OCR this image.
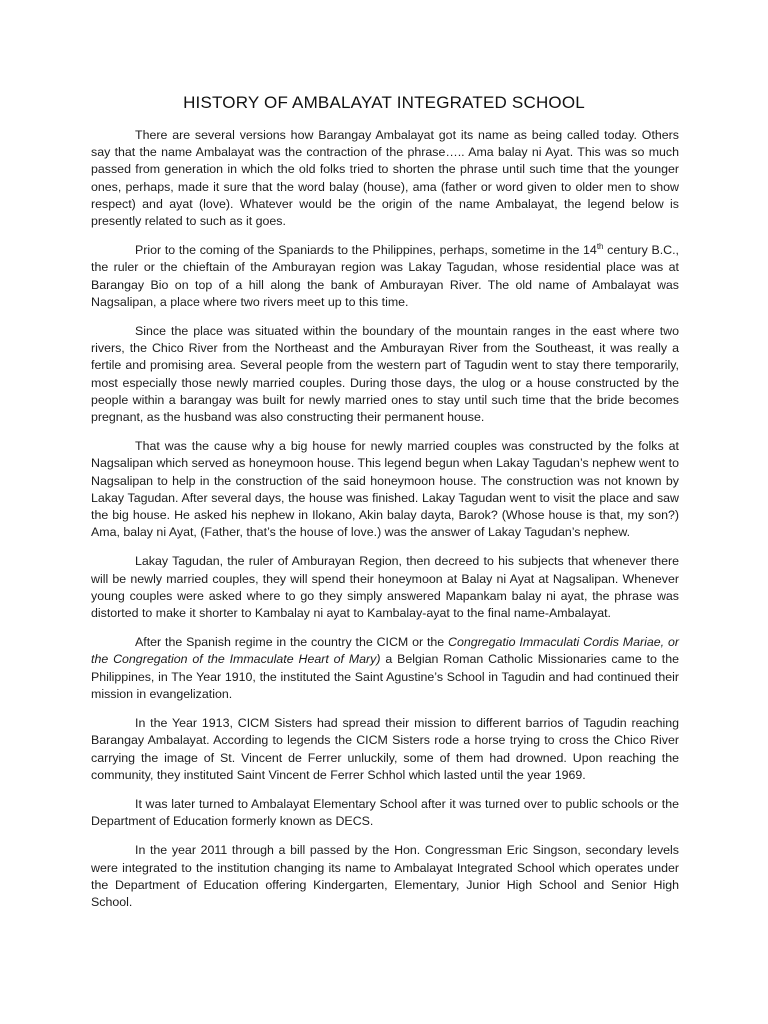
HISTORY OF AMBALAYAT INTEGRATED SCHOOL

There are several versions how Barangay Ambalayat got its name as being called today. Others say that the name Ambalayat was the contraction of the phrase….. Ama balay ni Ayat. This was so much passed from generation in which the old folks tried to shorten the phrase until such time that the younger ones, perhaps, made it sure that the word balay (house), ama (father or word given to older men to show respect) and ayat (love). Whatever would be the origin of the name Ambalayat, the legend below is presently related to such as it goes.

Prior to the coming of the Spaniards to the Philippines, perhaps, sometime in the 14th century B.C., the ruler or the chieftain of the Amburayan region was Lakay Tagudan, whose residential place was at Barangay Bio on top of a hill along the bank of Amburayan River. The old name of Ambalayat was Nagsalipan, a place where two rivers meet up to this time.

Since the place was situated within the boundary of the mountain ranges in the east where two rivers, the Chico River from the Northeast and the Amburayan River from the Southeast, it was really a fertile and promising area. Several people from the western part of Tagudin went to stay there temporarily, most especially those newly married couples. During those days, the ulog or a house constructed by the people within a barangay was built for newly married ones to stay until such time that the bride becomes pregnant, as the husband was also constructing their permanent house.

That was the cause why a big house for newly married couples was constructed by the folks at Nagsalipan which served as honeymoon house. This legend begun when Lakay Tagudan’s nephew went to Nagsalipan to help in the construction of the said honeymoon house. The construction was not known by Lakay Tagudan. After several days, the house was finished. Lakay Tagudan went to visit the place and saw the big house. He asked his nephew in Ilokano, Akin balay dayta, Barok? (Whose house is that, my son?) Ama, balay ni Ayat, (Father, that’s the house of love.) was the answer of Lakay Tagudan’s nephew.

Lakay Tagudan, the ruler of Amburayan Region, then decreed to his subjects that whenever there will be newly married couples, they will spend their honeymoon at Balay ni Ayat at Nagsalipan. Whenever young couples were asked where to go they simply answered Mapankam balay ni ayat, the phrase was distorted to make it shorter to Kambalay ni ayat to Kambalay-ayat to the final name-Ambalayat.

After the Spanish regime in the country the CICM or the Congregatio Immaculati Cordis Mariae, or the Congregation of the Immaculate Heart of Mary) a Belgian Roman Catholic Missionaries came to the Philippines, in The Year 1910, the instituted the Saint Agustine’s School in Tagudin and had continued their mission in evangelization.

In the Year 1913, CICM Sisters had spread their mission to different barrios of Tagudin reaching Barangay Ambalayat. According to legends the CICM Sisters rode a horse trying to cross the Chico River carrying the image of St. Vincent de Ferrer unluckily, some of them had drowned. Upon reaching the community, they instituted Saint Vincent de Ferrer Schhol which lasted until the year 1969.

It was later turned to Ambalayat Elementary School after it was turned over to public schools or the Department of Education formerly known as DECS.

In the year 2011 through a bill passed by the Hon. Congressman Eric Singson, secondary levels were integrated to the institution changing its name to Ambalayat Integrated School which operates under the Department of Education offering Kindergarten, Elementary, Junior High School and Senior High School.
